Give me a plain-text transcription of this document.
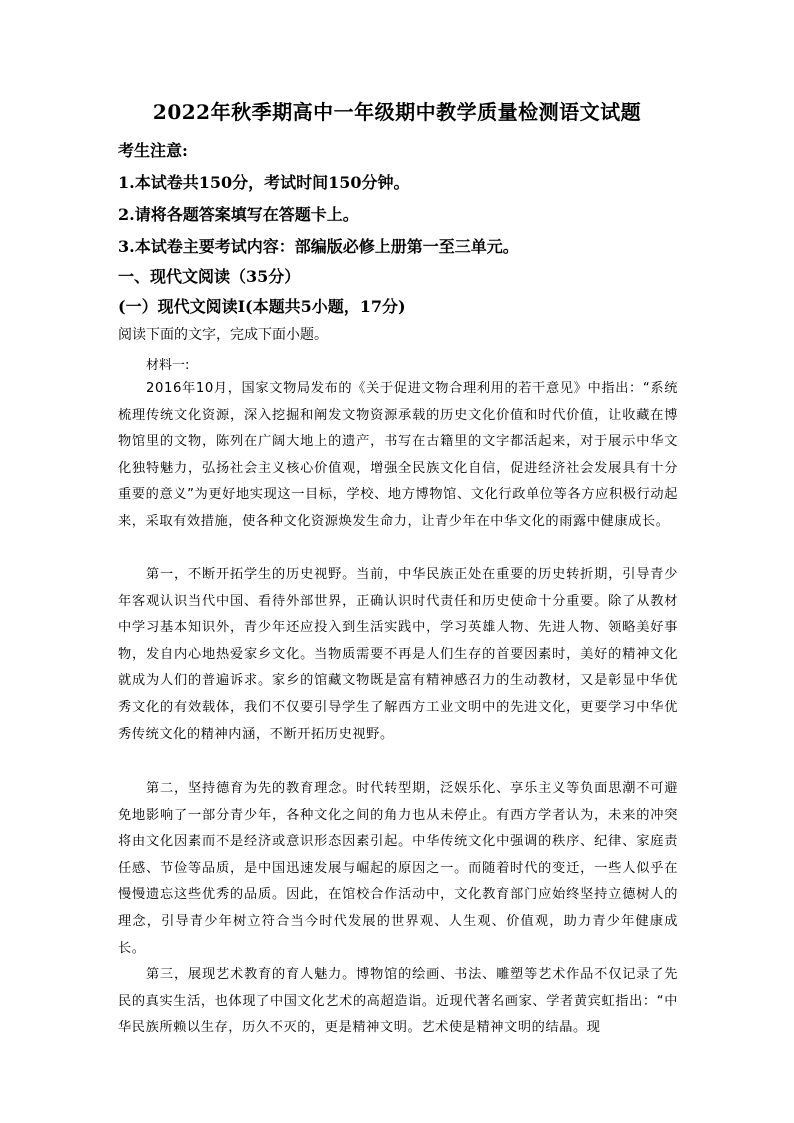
2022年秋季期高中一年级期中教学质量检测语文试题
考生注意:
1.本试卷共150分，考试时间150分钟。
2.请将各题答案填写在答题卡上。
3.本试卷主要考试内容：部编版必修上册第一至三单元。
一、现代文阅读（35分）
(一）现代文阅读I(本题共5小题，17分)
阅读下面的文字，完成下面小题。
材料一:
2016年10月，国家文物局发布的《关于促进文物合理利用的若干意见》中指出：“系统梳理传统文化资源，深入挖掘和阐发文物资源承载的历史文化价值和时代价值，让收藏在博物馆里的文物，陈列在广阔大地上的遗产，书写在古籍里的文字都活起来，对于展示中华文化独特魅力，弘扬社会主义核心价值观，增强全民族文化自信，促进经济社会发展具有十分重要的意义”为更好地实现这一目标，学校、地方博物馆、文化行政单位等各方应积极行动起来，采取有效措施，使各种文化资源焕发生命力，让青少年在中华文化的雨露中健康成长。
第一，不断开拓学生的历史视野。当前，中华民族正处在重要的历史转折期，引导青少年客观认识当代中国、看待外部世界，正确认识时代责任和历史使命十分重要。除了从教材中学习基本知识外，青少年还应投入到生活实践中，学习英雄人物、先进人物、领略美好事物，发自内心地热爱家乡文化。当物质需要不再是人们生存的首要因素时，美好的精神文化就成为人们的普遍诉求。家乡的馆藏文物既是富有精神感召力的生动教材，又是彰显中华优秀文化的有效载体，我们不仅要引导学生了解西方工业文明中的先进文化，更要学习中华优秀传统文化的精神内涵，不断开拓历史视野。
第二，坚持德育为先的教育理念。时代转型期，泛娱乐化、享乐主义等负面思潮不可避免地影响了一部分青少年，各种文化之间的角力也从未停止。有西方学者认为，未来的冲突将由文化因素而不是经济或意识形态因素引起。中华传统文化中强调的秩序、纪律、家庭责任感、节俭等品质，是中国迅速发展与崛起的原因之一。而随着时代的变迁，一些人似乎在慢慢遗忘这些优秀的品质。因此，在馆校合作活动中，文化教育部门应始终坚持立德树人的理念，引导青少年树立符合当今时代发展的世界观、人生观、价值观，助力青少年健康成长。
第三，展现艺术教育的育人魅力。博物馆的绘画、书法、雕塑等艺术作品不仅记录了先民的真实生活，也体现了中国文化艺术的高超造诣。近现代著名画家、学者黄宾虹指出：“中华民族所赖以生存，历久不灭的，更是精神文明。艺术使是精神文明的结晶。现
